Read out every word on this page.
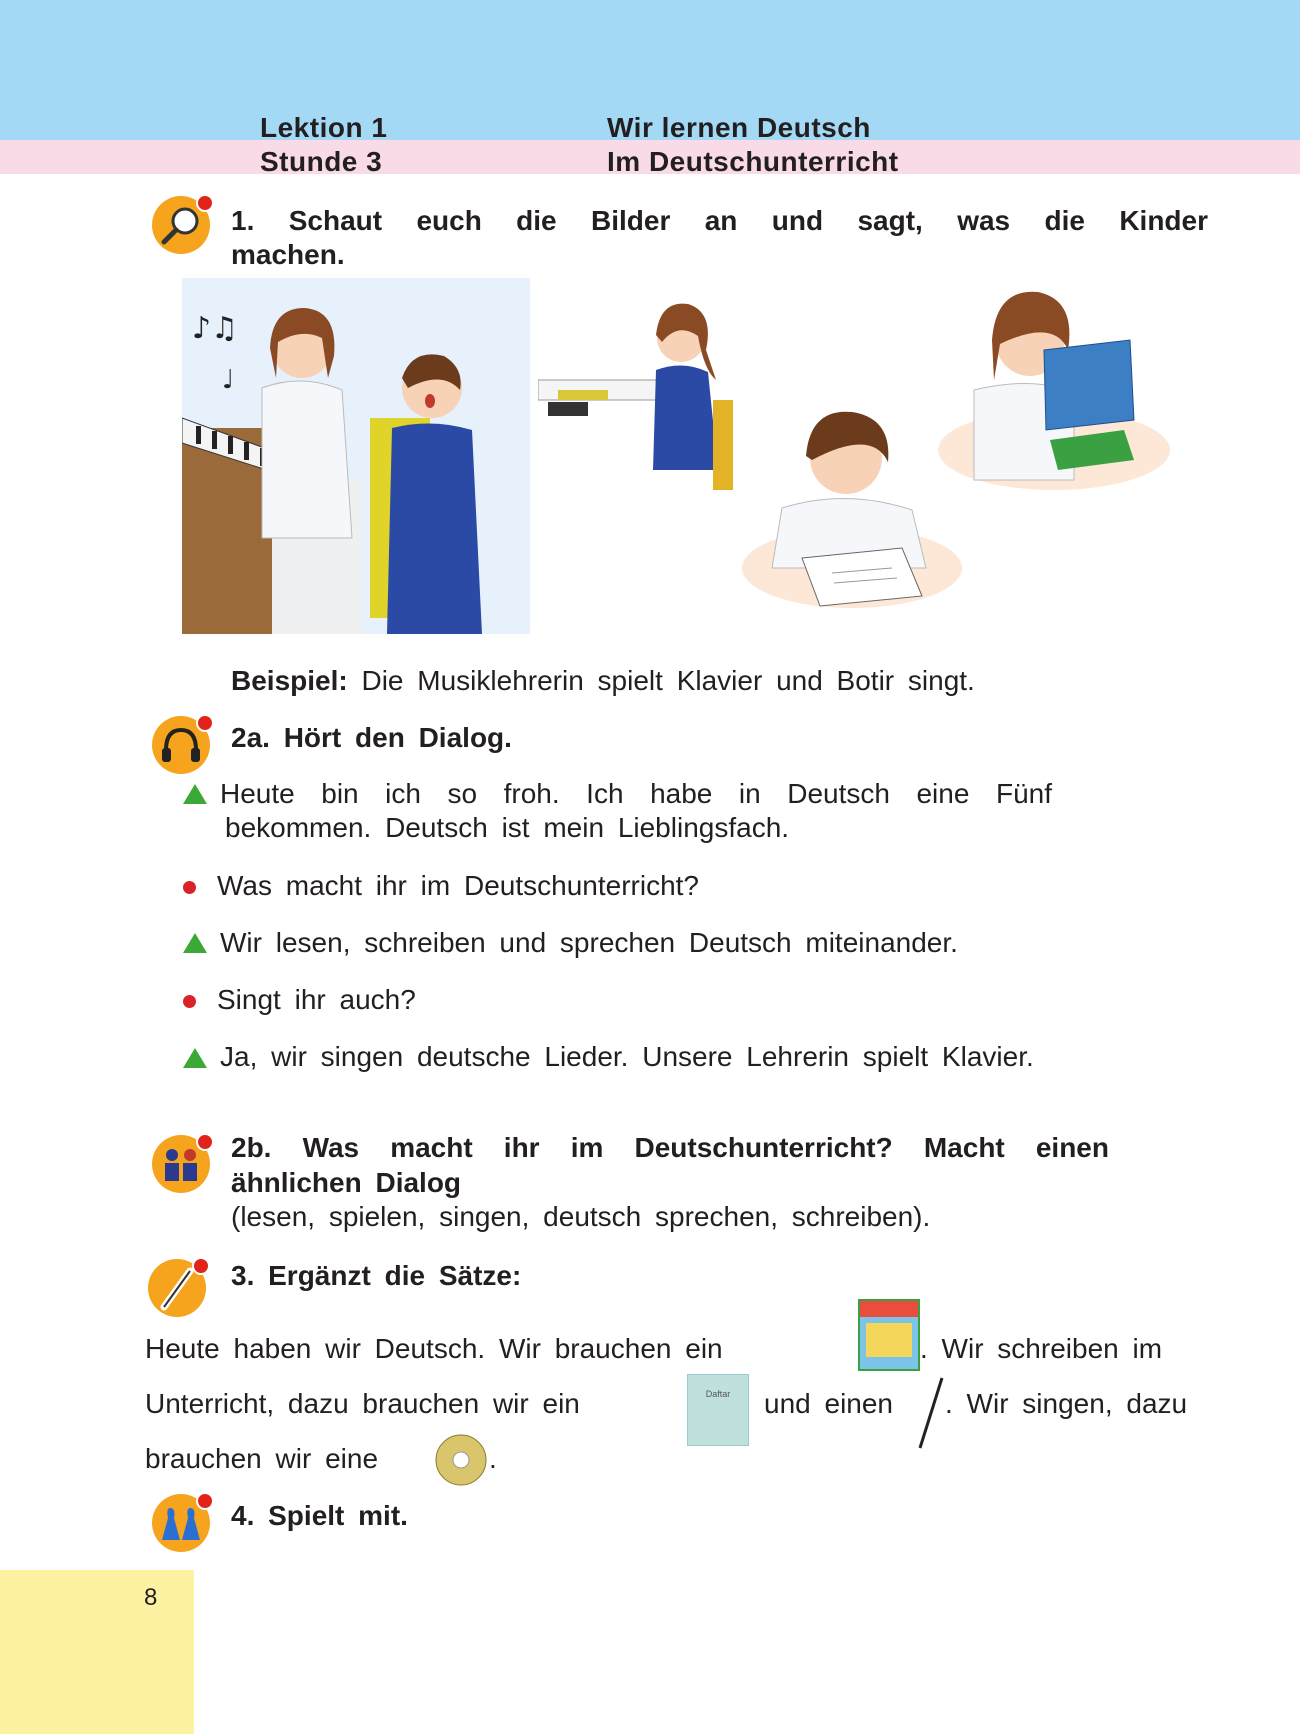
Lektion 1	Wir lernen Deutsch
Stunde 3	Im Deutschunterricht
1. Schaut euch die Bilder an und sagt, was die Kinder
machen.
♪♫
♩
Beispiel: Die Musiklehrerin spielt Klavier und Botir singt.
2a. Hört den Dialog.
Heute bin ich so froh. Ich habe in Deutsch eine Fünf
bekommen. Deutsch ist mein Lieblingsfach.
Was macht ihr im Deutschunterricht?
Wir lesen, schreiben und sprechen Deutsch miteinander.
Singt ihr auch?
Ja, wir singen deutsche Lieder. Unsere Lehrerin spielt Klavier.
2b. Was macht ihr im Deutschunterricht? Macht einen
ähnlichen Dialog
(lesen, spielen, singen, deutsch sprechen, schreiben).
3. Ergänzt die Sätze:
Heute haben wir Deutsch. Wir brauchen ein	. Wir schreiben im
Unterricht, dazu brauchen wir ein	Daftar	und einen . Wir singen, dazu
brauchen wir eine	.
4. Spielt mit.
8
